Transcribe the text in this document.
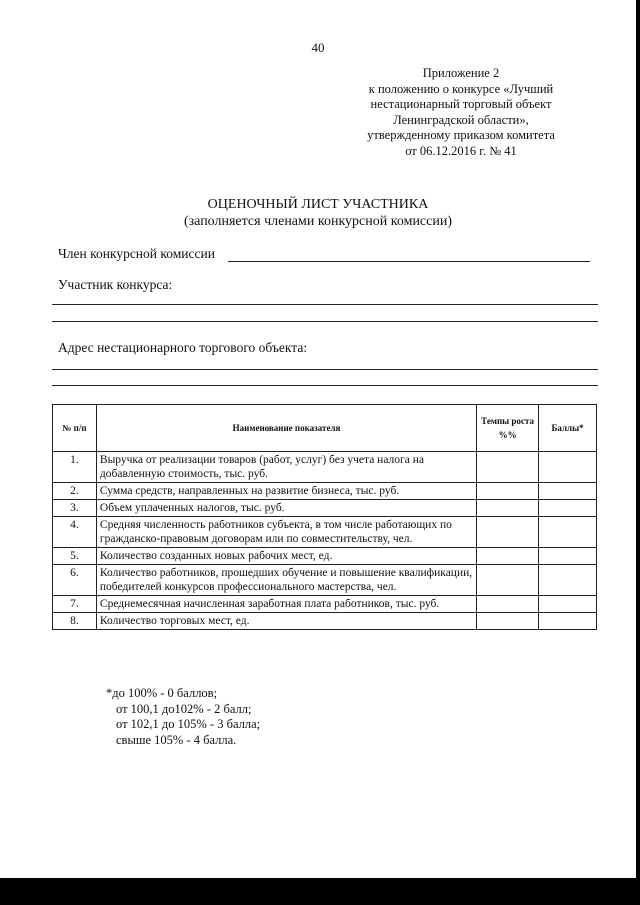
40
Приложение 2
к положению о конкурсе «Лучший
нестационарный торговый объект
Ленинградской области»,
утвержденному приказом комитета
от 06.12.2016 г. № 41
ОЦЕНОЧНЫЙ ЛИСТ УЧАСТНИКА
(заполняется членами конкурсной комиссии)
Член конкурсной комиссии
Участник конкурса:
Адрес нестационарного торгового объекта:
№ п/п	Наименование показателя	Темпы роста %%	Баллы*
1.	Выручка от реализации товаров (работ, услуг) без учета налога на добавленную стоимость, тыс. руб.		
2.	Сумма средств, направленных на развитие бизнеса, тыс. руб.		
3.	Объем уплаченных налогов, тыс. руб.		
4.	Средняя численность работников субъекта, в том числе работающих по гражданско-правовым договорам или по совместительству, чел.		
5.	Количество созданных новых рабочих мест, ед.		
6.	Количество работников, прошедших обучение и повышение квалификации, победителей конкурсов профессионального мастерства, чел.		
7.	Среднемесячная начисленная заработная плата работников, тыс. руб.		
8.	Количество торговых мест, ед.		
*до 100% - 0 баллов;
от 100,1 до102% - 2 балл;
от 102,1 до 105% - 3 балла;
свыше 105% - 4 балла.
